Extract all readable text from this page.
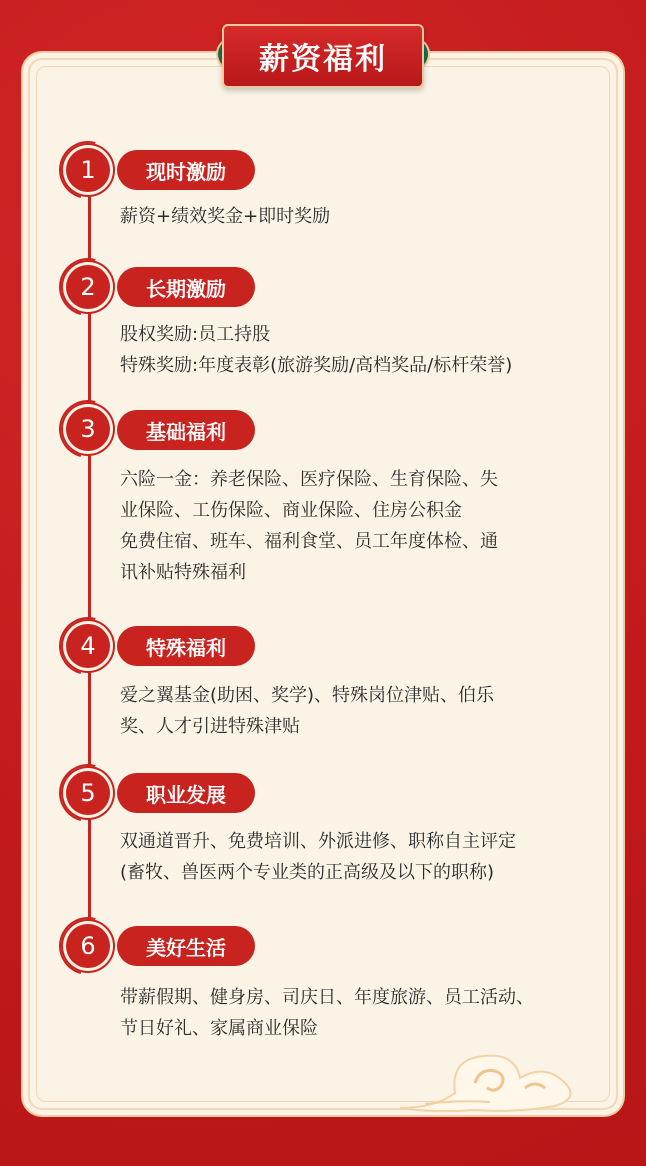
薪资福利
1	现时激励
薪资+绩效奖金+即时奖励
2	长期激励
股权奖励:员工持股
特殊奖励:年度表彰(旅游奖励/高档奖品/标杆荣誉)
3	基础福利
六险一金：养老保险、医疗保险、生育保险、失
业保险、工伤保险、商业保险、住房公积金
免费住宿、班车、福利食堂、员工年度体检、通
讯补贴特殊福利
4	特殊福利
爱之翼基金(助困、奖学)、特殊岗位津贴、伯乐
奖、人才引进特殊津贴
5	职业发展
双通道晋升、免费培训、外派进修、职称自主评定
(畜牧、兽医两个专业类的正高级及以下的职称)
6	美好生活
带薪假期、健身房、司庆日、年度旅游、员工活动、
节日好礼、家属商业保险
